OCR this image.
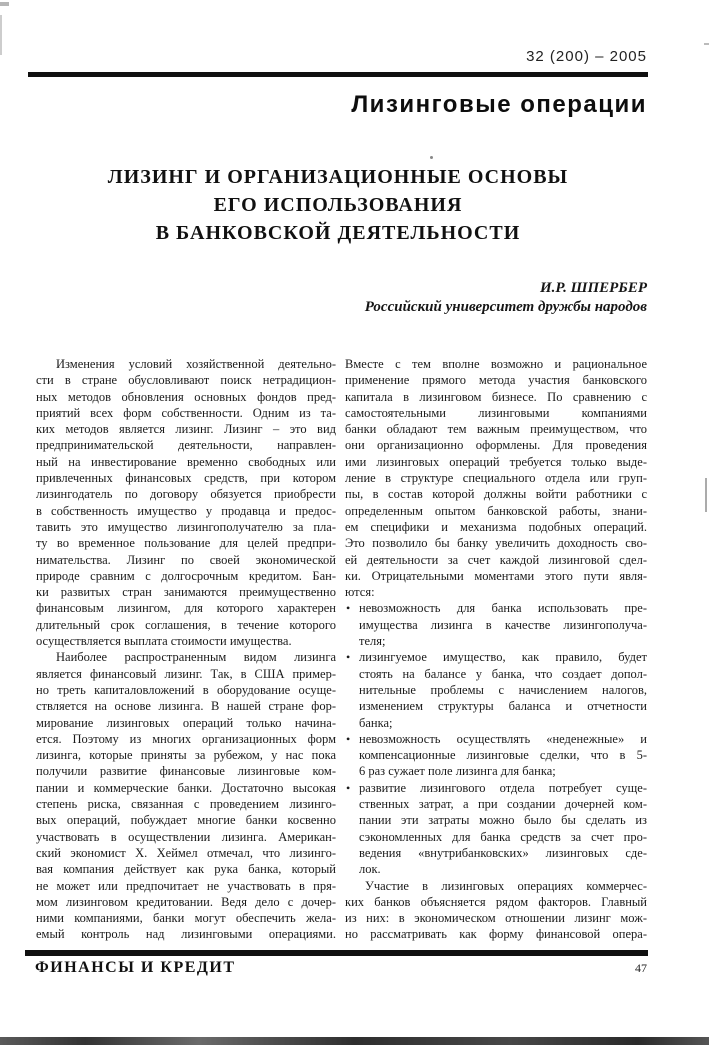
32 (200) – 2005
Лизинговые операции
ЛИЗИНГ И ОРГАНИЗАЦИОННЫЕ ОСНОВЫ
ЕГО ИСПОЛЬЗОВАНИЯ
В БАНКОВСКОЙ ДЕЯТЕЛЬНОСТИ
И.Р. ШПЕРБЕР
Российский университет дружбы народов
Изменения условий хозяйственной деятельно-
сти в стране обусловливают поиск нетрадицион-
ных методов обновления основных фондов пред-
приятий всех форм собственности. Одним из та-
ких методов является лизинг. Лизинг – это вид
предпринимательской деятельности, направлен-
ный на инвестирование временно свободных или
привлеченных финансовых средств, при котором
лизингодатель по договору обязуется приобрести
в собственность имущество у продавца и предос-
тавить это имущество лизингополучателю за пла-
ту во временное пользование для целей предпри-
нимательства. Лизинг по своей экономической
природе сравним с долгосрочным кредитом. Бан-
ки развитых стран занимаются преимущественно
финансовым лизингом, для которого характерен
длительный срок соглашения, в течение которого
осуществляется выплата стоимости имущества.
Наиболее распространенным видом лизинга
является финансовый лизинг. Так, в США пример-
но треть капиталовложений в оборудование осуще-
ствляется на основе лизинга. В нашей стране фор-
мирование лизинговых операций только начина-
ется. Поэтому из многих организационных форм
лизинга, которые приняты за рубежом, у нас пока
получили развитие финансовые лизинговые ком-
пании и коммерческие банки. Достаточно высокая
степень риска, связанная с проведением лизинго-
вых операций, побуждает многие банки косвенно
участвовать в осуществлении лизинга. Американ-
ский экономист Х. Хеймел отмечал, что лизинго-
вая компания действует как рука банка, который
не может или предпочитает не участвовать в пря-
мом лизинговом кредитовании. Ведя дело с дочер-
ними компаниями, банки могут обеспечить жела-
емый контроль над лизинговыми операциями.
Вместе с тем вполне возможно и рациональное
применение прямого метода участия банковского
капитала в лизинговом бизнесе. По сравнению с
самостоятельными лизинговыми компаниями
банки обладают тем важным преимуществом, что
они организационно оформлены. Для проведения
ими лизинговых операций требуется только выде-
ление в структуре специального отдела или груп-
пы, в состав которой должны войти работники с
определенным опытом банковской работы, знани-
ем специфики и механизма подобных операций.
Это позволило бы банку увеличить доходность сво-
ей деятельности за счет каждой лизинговой сдел-
ки. Отрицательными моментами этого пути явля-
ются:
• невозможность для банка использовать пре-
имущества лизинга в качестве лизингополуча-
теля;
• лизингуемое имущество, как правило, будет
стоять на балансе у банка, что создает допол-
нительные проблемы с начислением налогов,
изменением структуры баланса и отчетности
банка;
• невозможность осуществлять «неденежные» и
компенсационные лизинговые сделки, что в 5-
6 раз сужает поле лизинга для банка;
• развитие лизингового отдела потребует суще-
ственных затрат, а при создании дочерней ком-
пании эти затраты можно было бы сделать из
сэкономленных для банка средств за счет про-
ведения «внутрибанковских» лизинговых сде-
лок.
Участие в лизинговых операциях коммерчес-
ких банков объясняется рядом факторов. Главный
из них: в экономическом отношении лизинг мож-
но рассматривать как форму финансовой опера-
ФИНАНСЫ И КРЕДИТ	47
